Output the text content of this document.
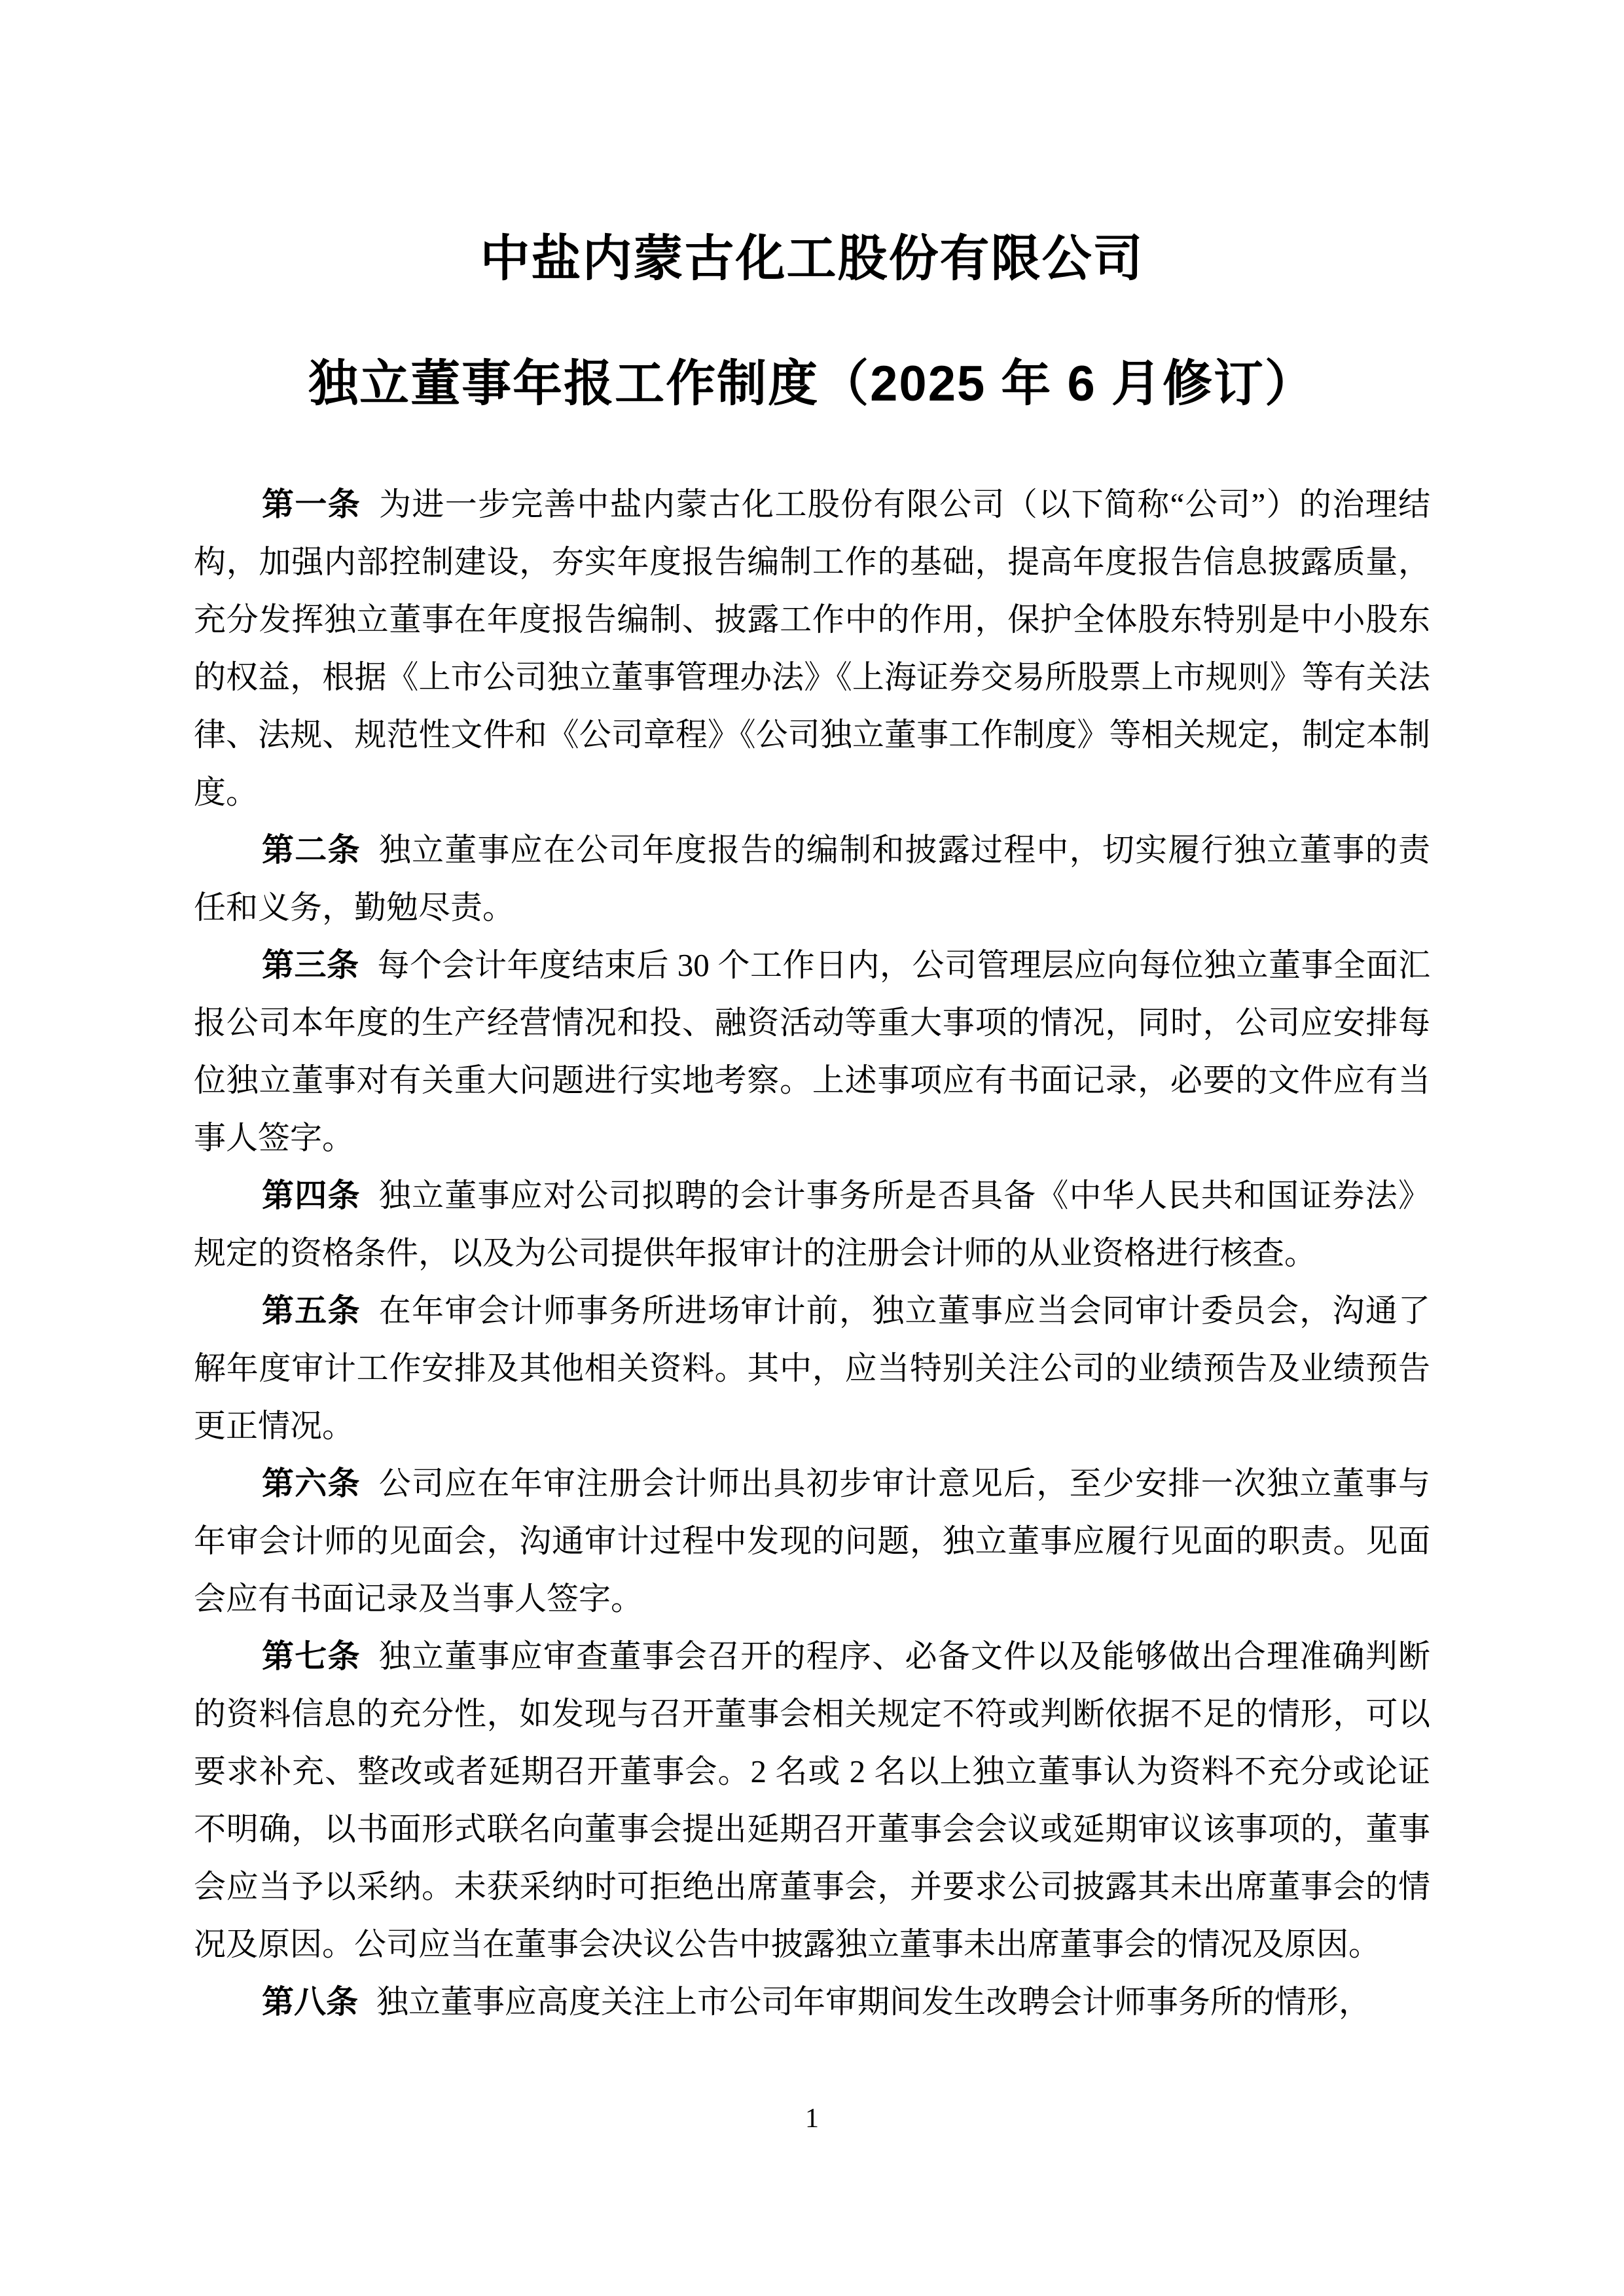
中盐内蒙古化工股份有限公司
独立董事年报工作制度（2025 年 6 月修订）

第一条 为进一步完善中盐内蒙古化工股份有限公司（以下简称“公司”）的治理结构，加强内部控制建设，夯实年度报告编制工作的基础，提高年度报告信息披露质量，充分发挥独立董事在年度报告编制、披露工作中的作用，保护全体股东特别是中小股东的权益，根据《上市公司独立董事管理办法》《上海证券交易所股票上市规则》等有关法律、法规、规范性文件和《公司章程》《公司独立董事工作制度》等相关规定，制定本制度。

第二条 独立董事应在公司年度报告的编制和披露过程中，切实履行独立董事的责任和义务，勤勉尽责。

第三条 每个会计年度结束后 30 个工作日内，公司管理层应向每位独立董事全面汇报公司本年度的生产经营情况和投、融资活动等重大事项的情况，同时，公司应安排每位独立董事对有关重大问题进行实地考察。上述事项应有书面记录，必要的文件应有当事人签字。

第四条 独立董事应对公司拟聘的会计事务所是否具备《中华人民共和国证券法》规定的资格条件，以及为公司提供年报审计的注册会计师的从业资格进行核查。

第五条 在年审会计师事务所进场审计前，独立董事应当会同审计委员会，沟通了解年度审计工作安排及其他相关资料。其中，应当特别关注公司的业绩预告及业绩预告更正情况。

第六条 公司应在年审注册会计师出具初步审计意见后，至少安排一次独立董事与年审会计师的见面会，沟通审计过程中发现的问题，独立董事应履行见面的职责。见面会应有书面记录及当事人签字。

第七条 独立董事应审查董事会召开的程序、必备文件以及能够做出合理准确判断的资料信息的充分性，如发现与召开董事会相关规定不符或判断依据不足的情形，可以要求补充、整改或者延期召开董事会。2 名或 2 名以上独立董事认为资料不充分或论证不明确，以书面形式联名向董事会提出延期召开董事会会议或延期审议该事项的，董事会应当予以采纳。未获采纳时可拒绝出席董事会，并要求公司披露其未出席董事会的情况及原因。公司应当在董事会决议公告中披露独立董事未出席董事会的情况及原因。

第八条 独立董事应高度关注上市公司年审期间发生改聘会计师事务所的情形，

1
